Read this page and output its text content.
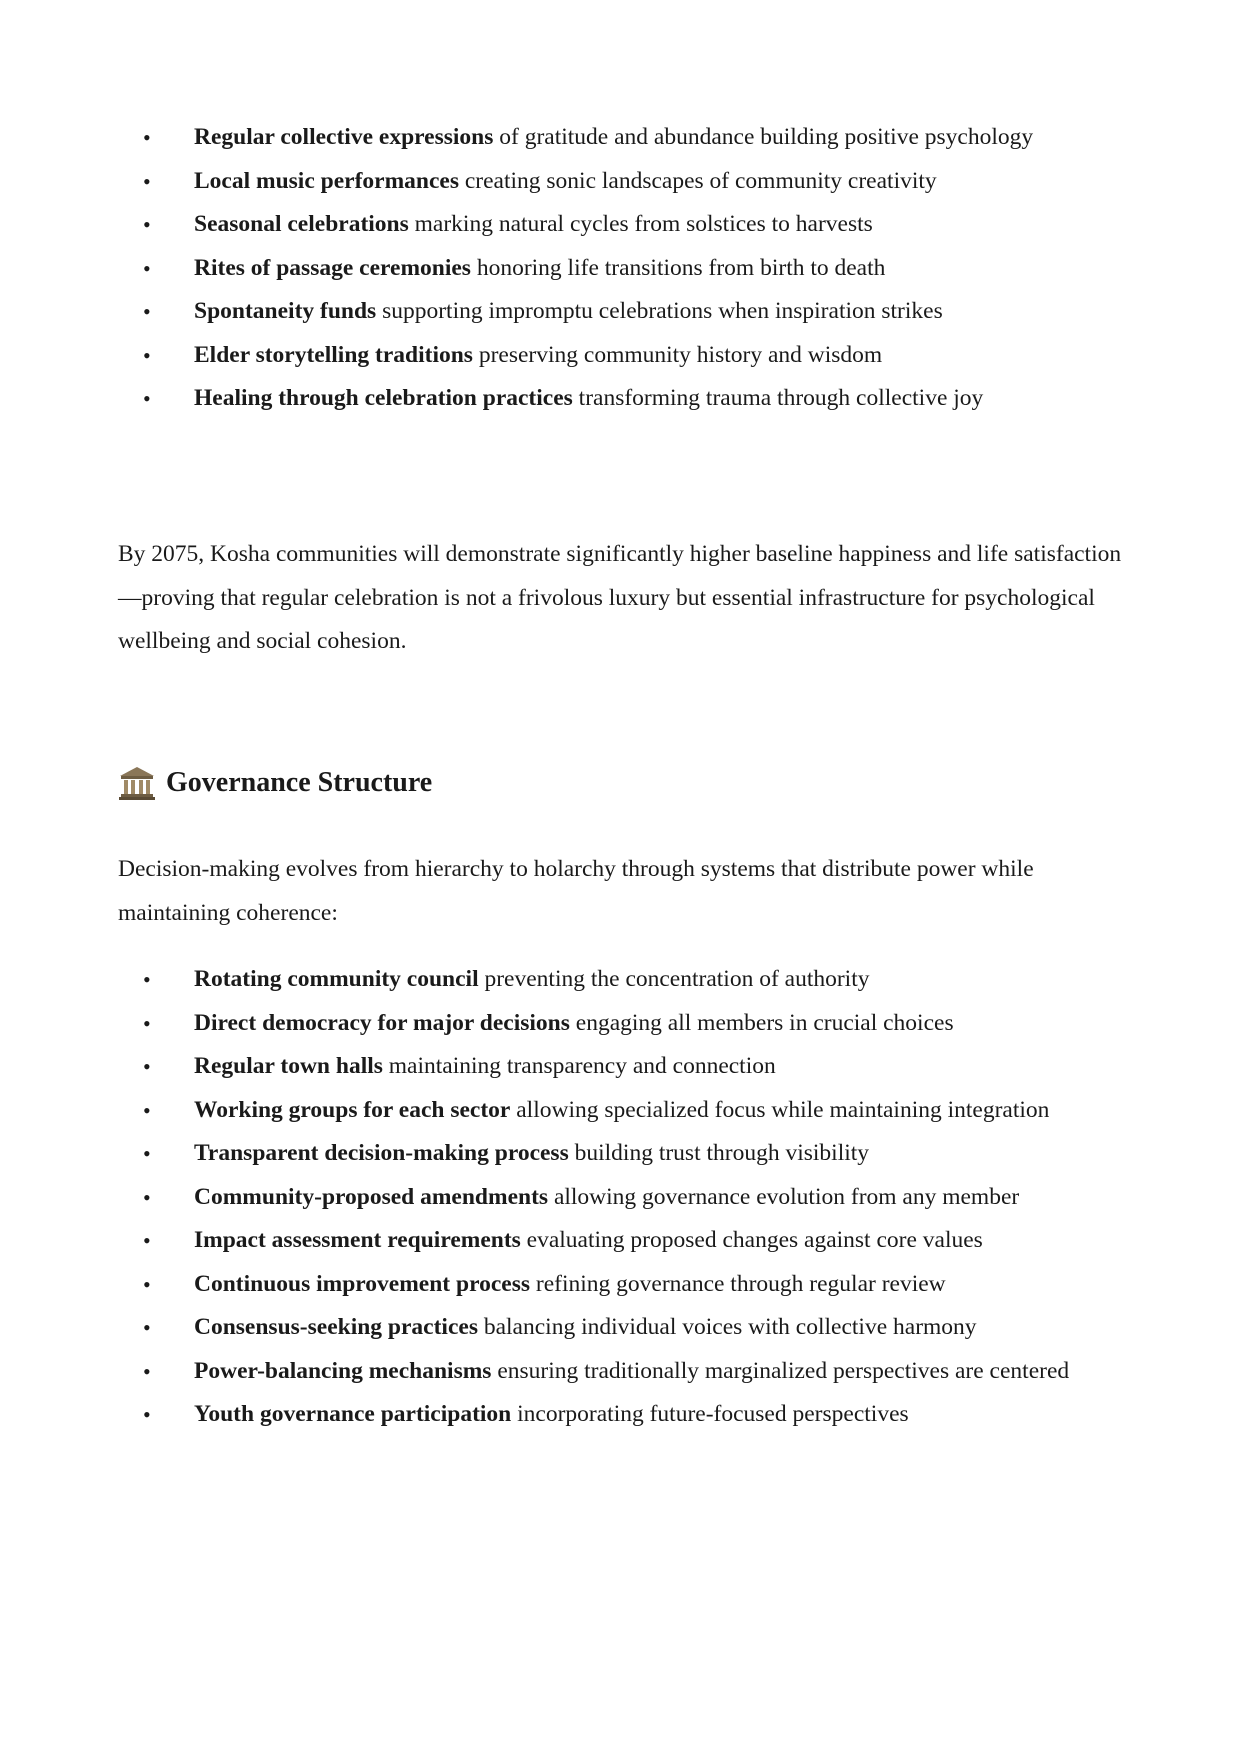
• Regular collective expressions of gratitude and abundance building positive psychology
• Local music performances creating sonic landscapes of community creativity
• Seasonal celebrations marking natural cycles from solstices to harvests
• Rites of passage ceremonies honoring life transitions from birth to death
• Spontaneity funds supporting impromptu celebrations when inspiration strikes
• Elder storytelling traditions preserving community history and wisdom
• Healing through celebration practices transforming trauma through collective joy

By 2075, Kosha communities will demonstrate significantly higher baseline happiness and life satisfaction—proving that regular celebration is not a frivolous luxury but essential infrastructure for psychological wellbeing and social cohesion.

Governance Structure

Decision-making evolves from hierarchy to holarchy through systems that distribute power while maintaining coherence:

• Rotating community council preventing the concentration of authority
• Direct democracy for major decisions engaging all members in crucial choices
• Regular town halls maintaining transparency and connection
• Working groups for each sector allowing specialized focus while maintaining integration
• Transparent decision-making process building trust through visibility
• Community-proposed amendments allowing governance evolution from any member
• Impact assessment requirements evaluating proposed changes against core values
• Continuous improvement process refining governance through regular review
• Consensus-seeking practices balancing individual voices with collective harmony
• Power-balancing mechanisms ensuring traditionally marginalized perspectives are centered
• Youth governance participation incorporating future-focused perspectives
